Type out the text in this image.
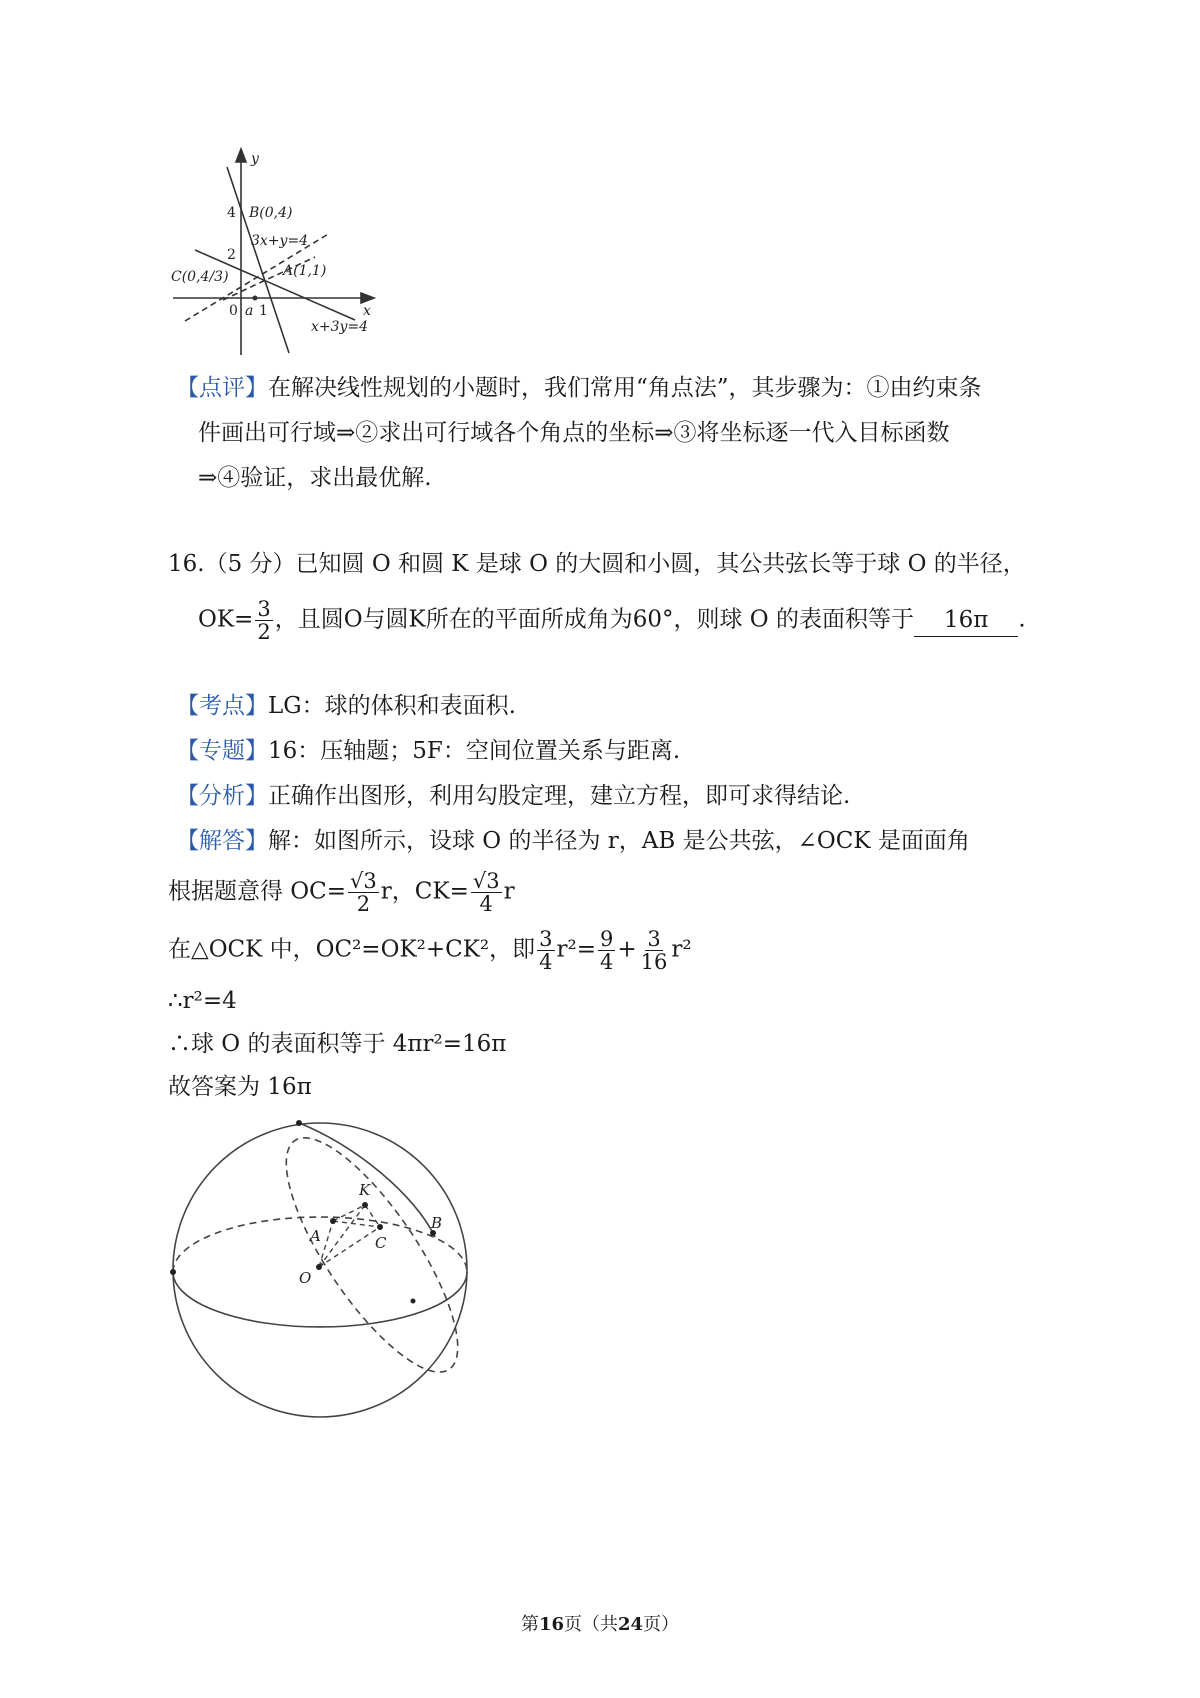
y
x
B(0,4)
3x+y=4
C(0,4/3)	A(1,1)
x+3y=4
a
4
2
0 1
【点评】在解决线性规划的小题时，我们常用“角点法”，其步骤为：①由约束条
件画出可行域⇒②求出可行域各个角点的坐标⇒③将坐标逐一代入目标函数
⇒④验证，求出最优解.
16.（5 分）已知圆 O 和圆 K 是球 O 的大圆和小圆，其公共弦长等于球 O 的半径，
$OK= \frac{3}{2}$ ，且圆O与圆K所在的平面所成角为60°，则球 O 的表面积等于 16π .
【考点】LG：球的体积和表面积.
【专题】16：压轴题；5F：空间位置关系与距离.
【分析】正确作出图形，利用勾股定理，建立方程，即可求得结论.
【解答】解：如图所示，设球 O 的半径为 r，AB 是公共弦，∠OCK 是面面角
根据题意得 $OC= \frac{√3}{2}$ r，$CK= \frac{√3}{4}$ r
在△OCK 中，OC²=OK²+CK²，即 $\frac{3}{4} r^2= \frac{9}{4} + \frac{3}{16} r^2$
∴r²=4
∴球 O 的表面积等于 4πr²=16π
故答案为 16π
K
A	C
B
O
第16页（共24页）
